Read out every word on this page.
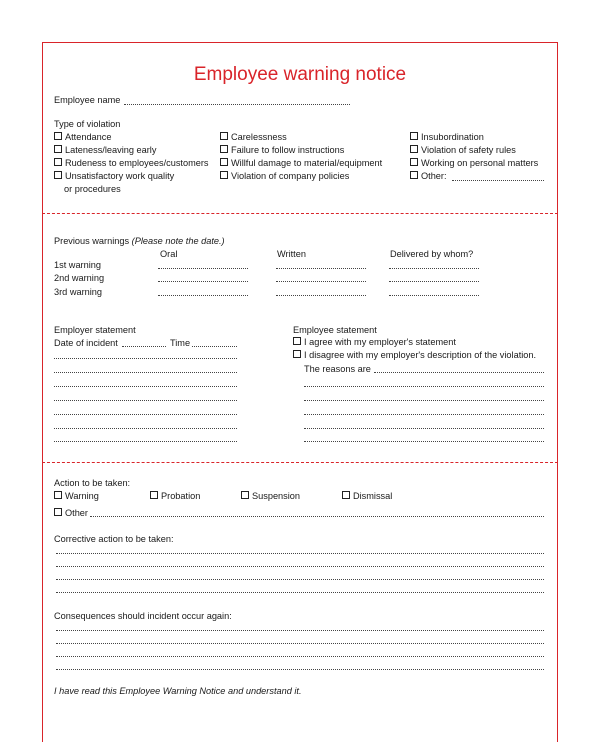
Employee warning notice
Employee name
Type of violation
Attendance
Lateness/leaving early
Rudeness to employees/customers
Unsatisfactory work quality
or procedures
Carelessness
Failure to follow instructions
Willful damage to material/equipment
Violation of company policies
Insubordination
Violation of safety rules
Working on personal matters
Other:
Previous warnings (Please note the date.)
Oral	Written	Delivered by whom?
1st warning
2nd warning
3rd warning
Employer statement
Date of incident	Time
Employee statement
I agree with my employer's statement
I disagree with my employer's description of the violation.
The reasons are
Action to be taken:
Warning	Probation	Suspension	Dismissal
Other
Corrective action to be taken:
Consequences should incident occur again:
I have read this Employee Warning Notice and understand it.
